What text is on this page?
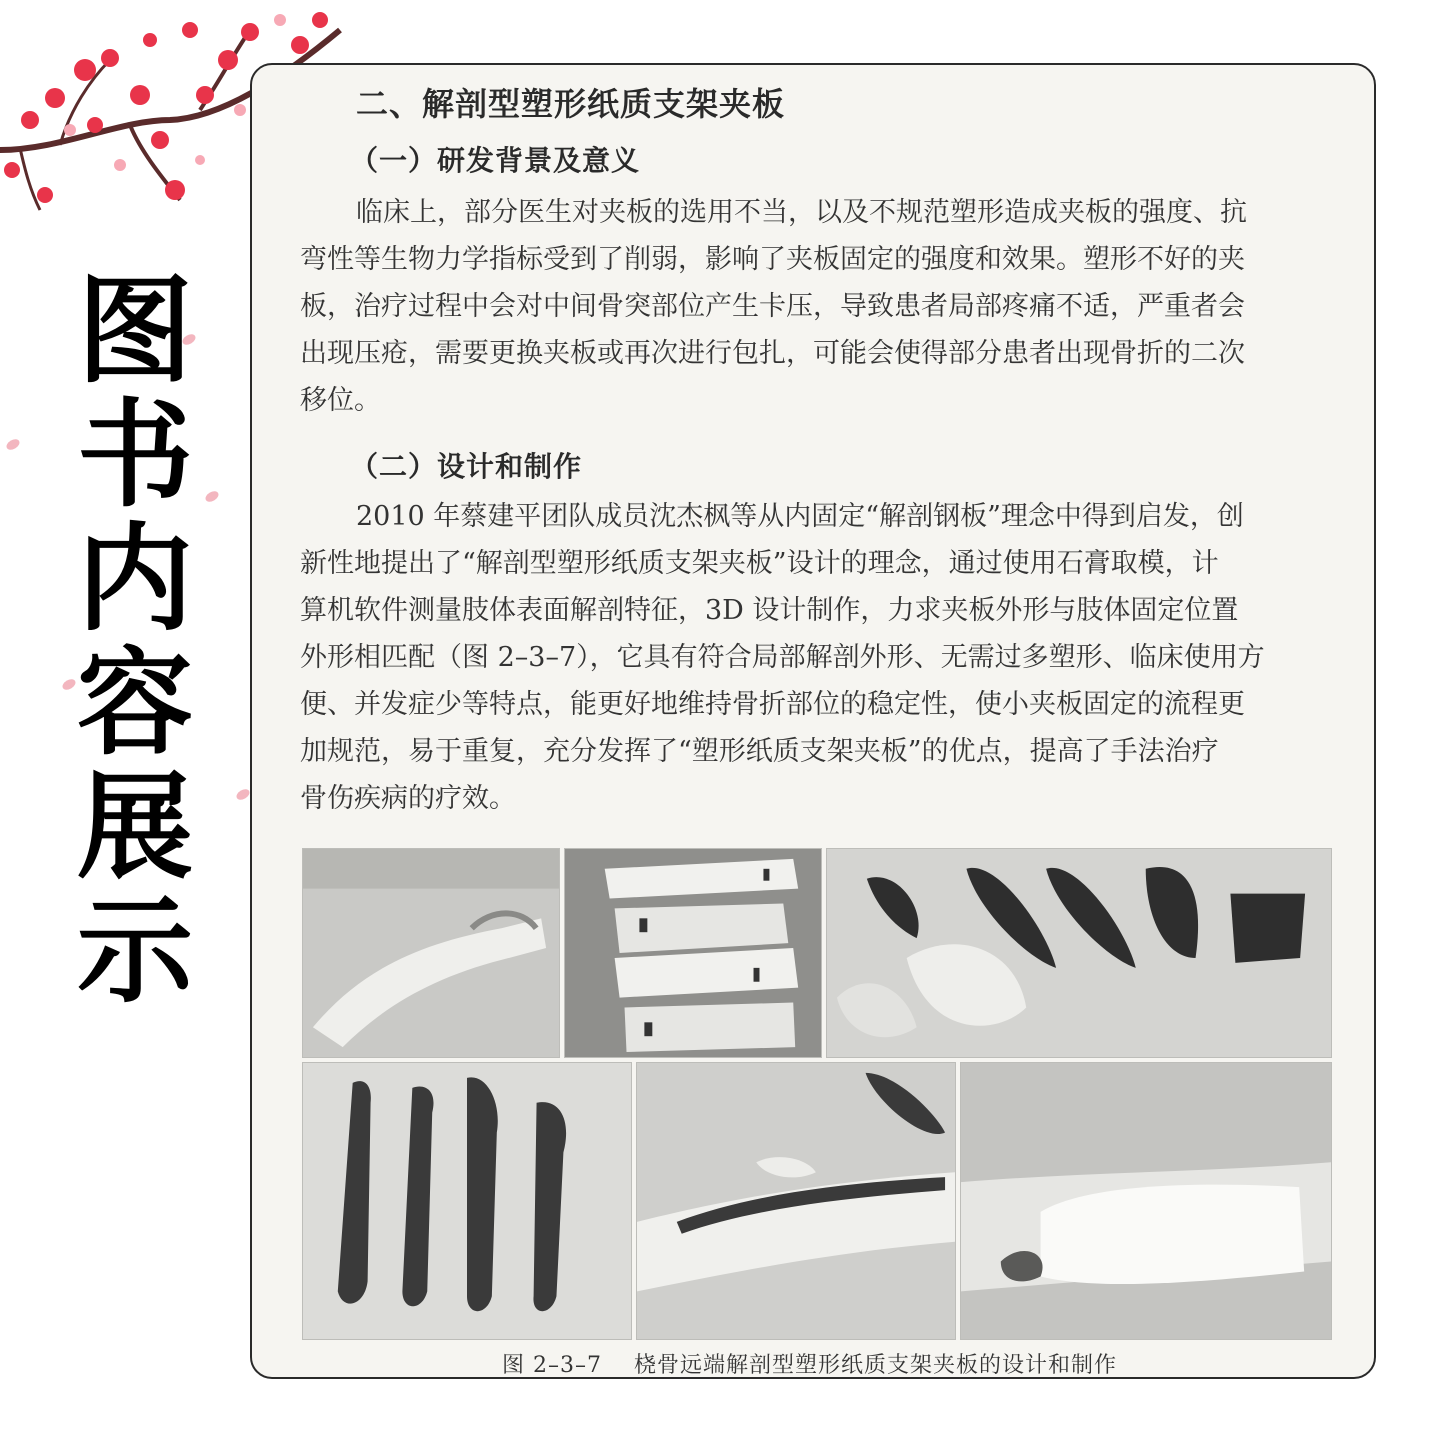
图
书
内
容
展
示
二、解剖型塑形纸质支架夹板
（一）研发背景及意义
临床上，部分医生对夹板的选用不当，以及不规范塑形造成夹板的强度、抗
弯性等生物力学指标受到了削弱，影响了夹板固定的强度和效果。塑形不好的夹
板，治疗过程中会对中间骨突部位产生卡压，导致患者局部疼痛不适，严重者会
出现压疮，需要更换夹板或再次进行包扎，可能会使得部分患者出现骨折的二次
移位。
（二）设计和制作
2010 年蔡建平团队成员沈杰枫等从内固定“解剖钢板”理念中得到启发，创
新性地提出了“解剖型塑形纸质支架夹板”设计的理念，通过使用石膏取模，计
算机软件测量肢体表面解剖特征，3D 设计制作，力求夹板外形与肢体固定位置
外形相匹配（图 2–3–7），它具有符合局部解剖外形、无需过多塑形、临床使用方
便、并发症少等特点，能更好地维持骨折部位的稳定性，使小夹板固定的流程更
加规范，易于重复，充分发挥了“塑形纸质支架夹板”的优点，提高了手法治疗
骨伤疾病的疗效。
图 2–3–7 桡骨远端解剖型塑形纸质支架夹板的设计和制作
